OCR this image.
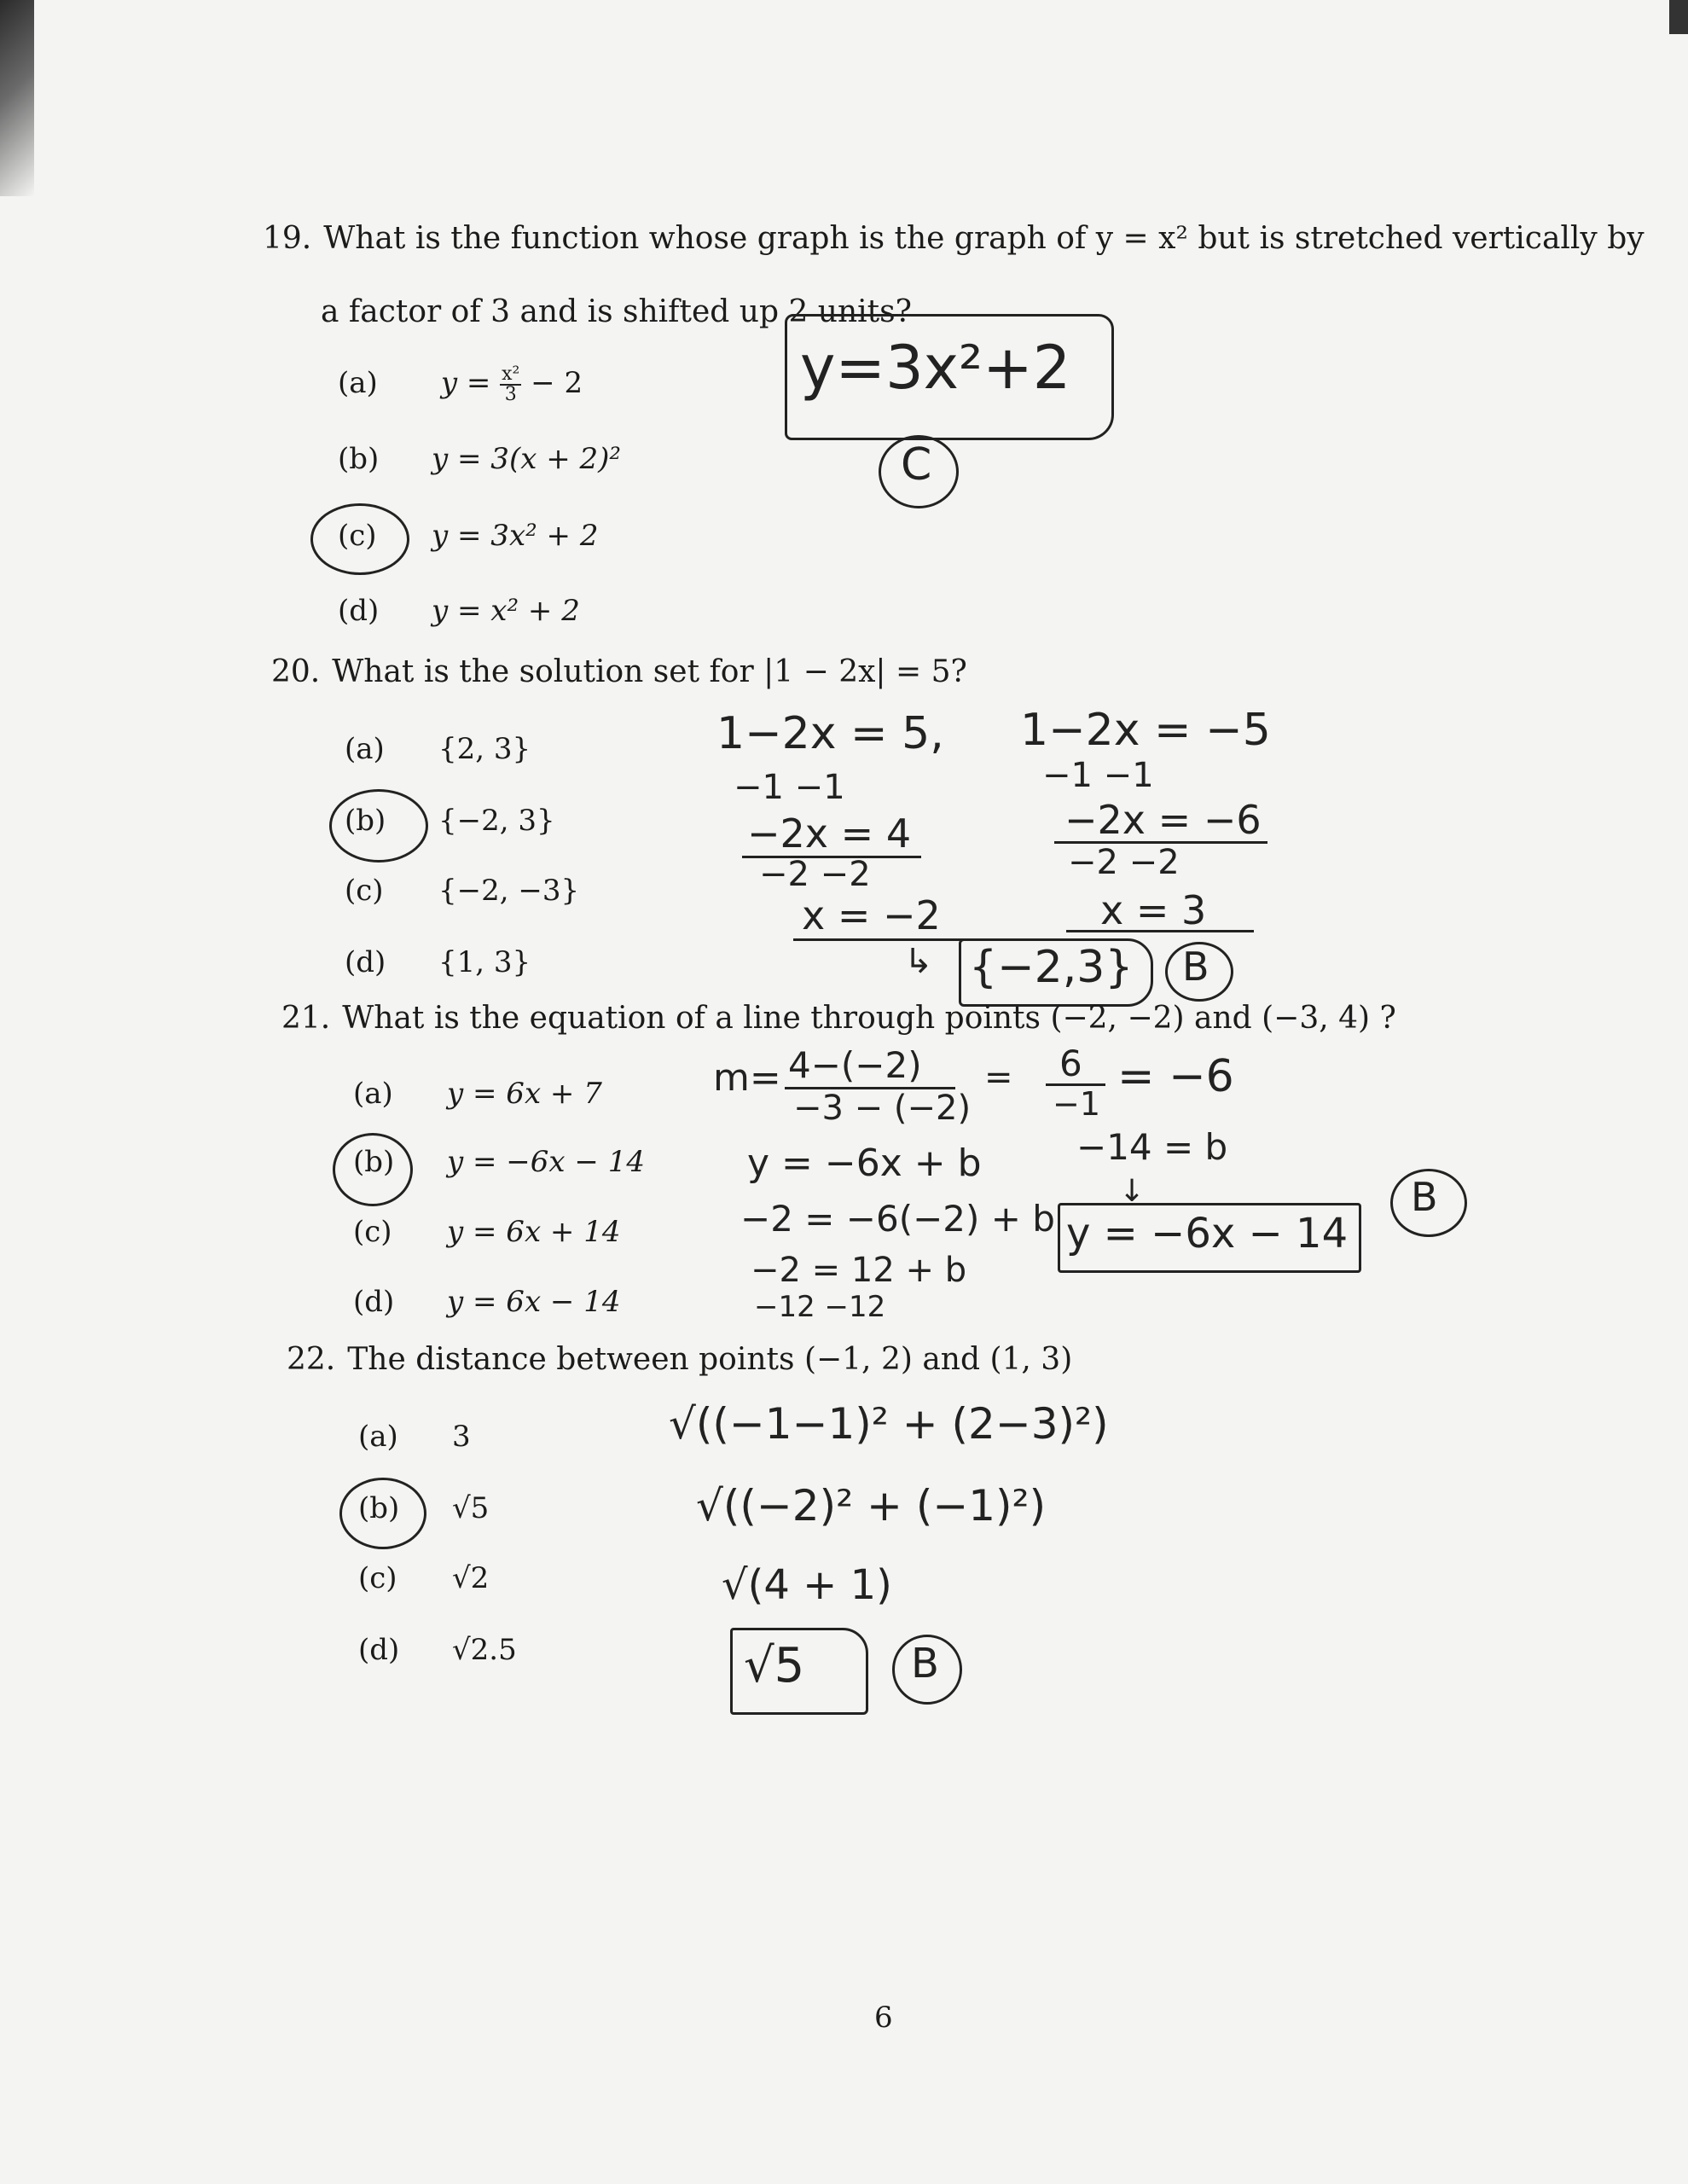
19. What is the function whose graph is the graph of y = x² but is stretched vertically by
a factor of 3 and is shifted up 2 units?
(a) $y = \frac{\text{x²}}{3} - 2$
(b) y = 3(x + 2)²
(c) y = 3x² + 2
(d) y = x² + 2
y=3x²+2
C
20. What is the solution set for |1 − 2x| = 5?
(a) {2, 3}
(b) {−2, 3}
(c) {−2, −3}
(d) {1, 3}
1−2x = 5,
−1 −1
−2x = 4
−2 −2
x = −2
1−2x = −5
−1 −1
−2x = −6
−2 −2
x = 3
↳ {−2,3} B
21. What is the equation of a line through points (−2, −2) and (−3, 4) ?
(a) y = 6x + 7
(b) y = −6x − 14
(c) y = 6x + 14
(d) y = 6x − 14
m= 4−(−2)
−3 − (−2)
= 6
−1
= −6
y = −6x + b
−2 = −6(−2) + b
−2 = 12 + b
−12 −12
−14 = b
↓
y = −6x − 14
B
22. The distance between points (−1, 2) and (1, 3)
(a) 3
(b) √5
(c) √2
(d) √2.5
√((−1−1)² + (2−3)²)
√((−2)² + (−1)²)
√(4 + 1)
√5	B
6
